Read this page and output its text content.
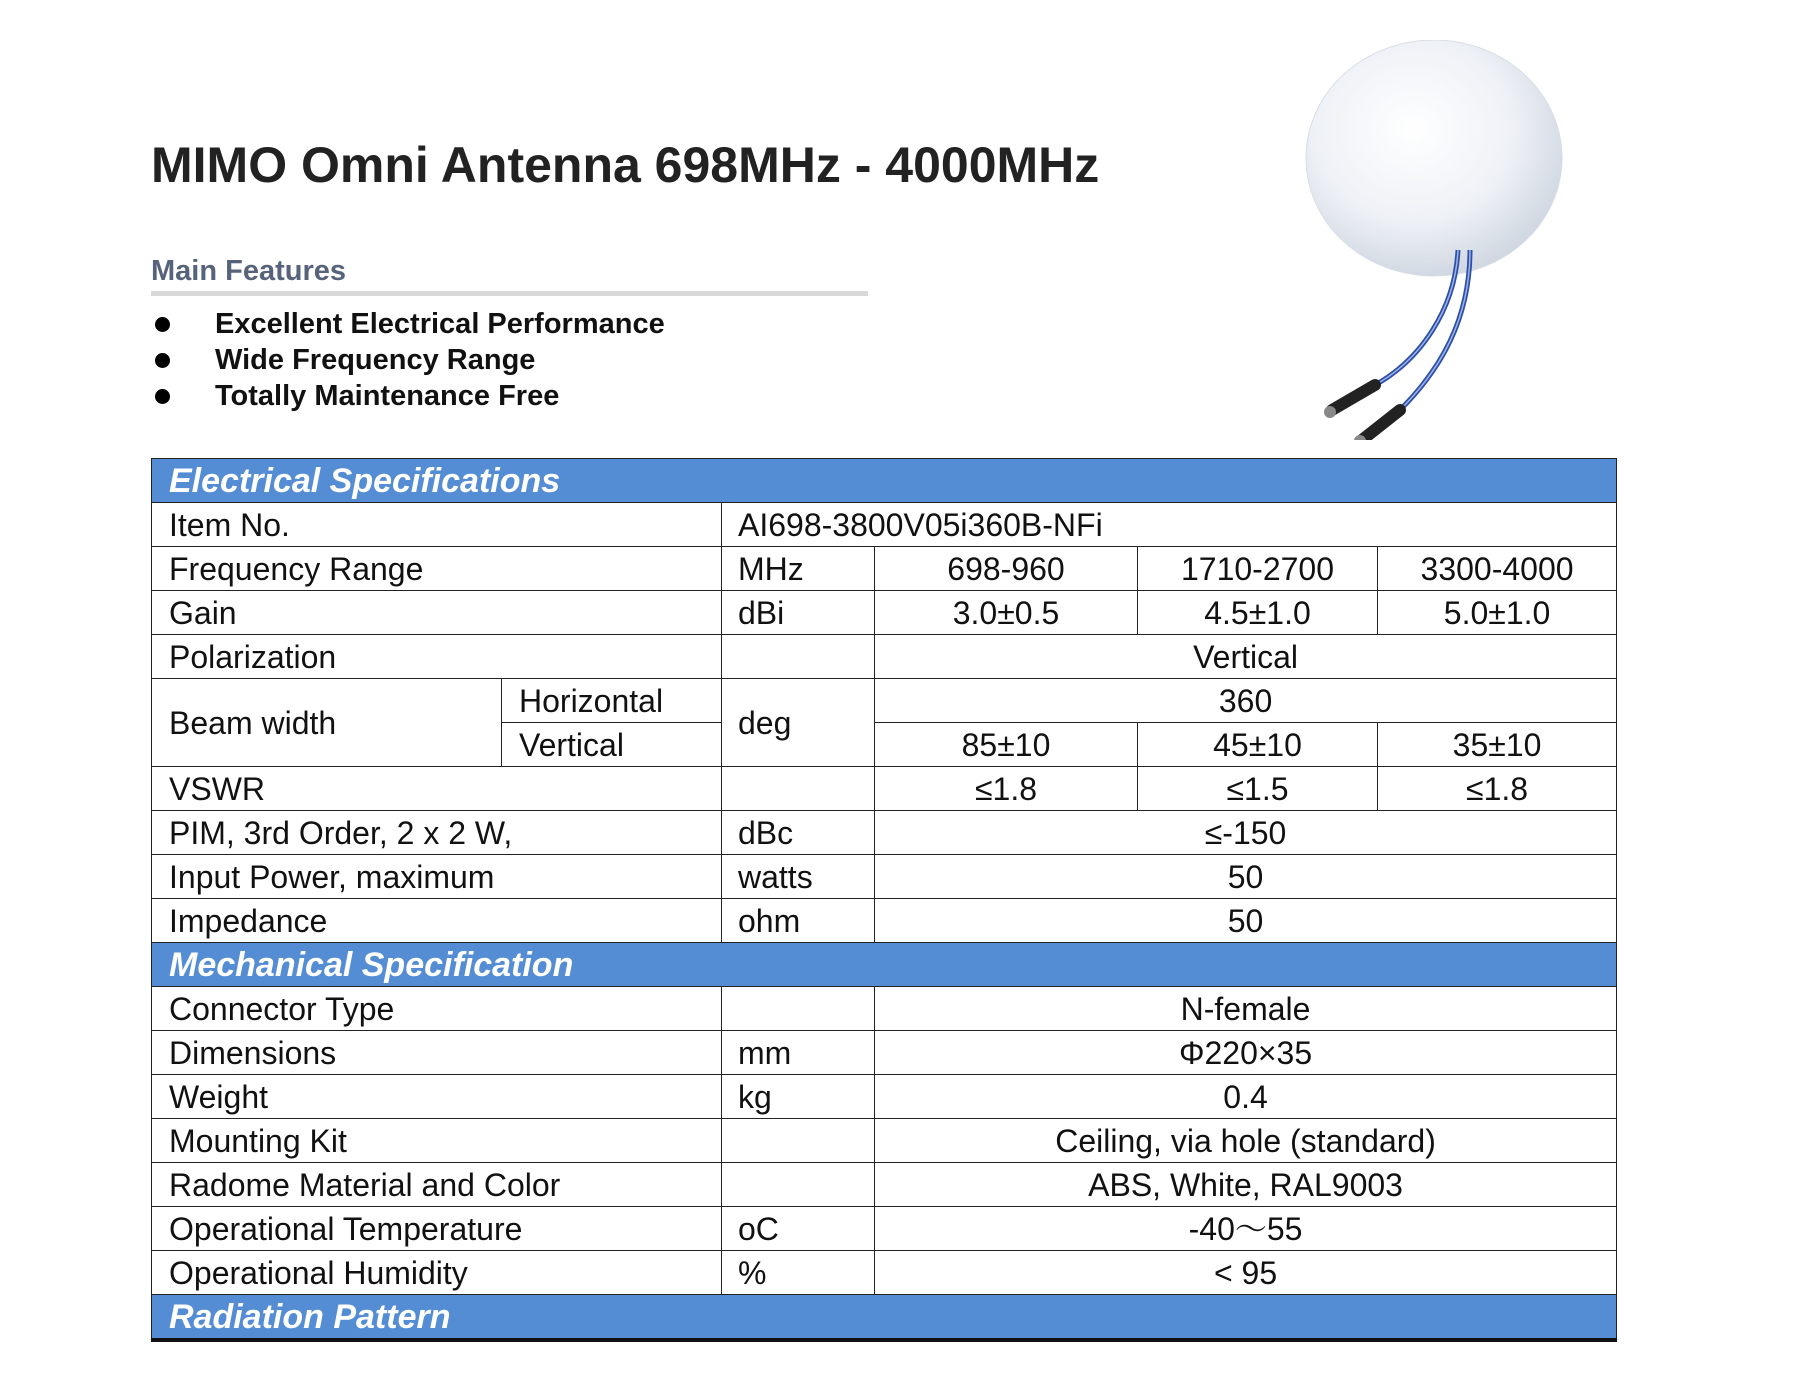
MIMO Omni Antenna 698MHz - 4000MHz
Main Features
Excellent Electrical Performance
Wide Frequency Range
Totally Maintenance Free
Electrical Specifications					
Item No.		AI698-3800V05i360B-NFi			
Frequency Range		MHz	698-960	1710-2700	3300-4000
Gain		dBi	3.0±0.5	4.5±1.0	5.0±1.0
Polarization			Vertical		
Beam width	Horizontal	deg	360		
	Vertical		85±10	45±10	35±10
VSWR			≤1.8	≤1.5	≤1.8
PIM, 3rd Order, 2 x 2 W,		dBc	≤-150		
Input Power, maximum		watts	50		
Impedance		ohm	50		
Mechanical Specification					
Connector Type			N-female		
Dimensions		mm	Φ220×35		
Weight		kg	0.4		
Mounting Kit			Ceiling, via hole (standard)		
Radome Material and Color			ABS, White, RAL9003		
Operational Temperature		oC	-40～55		
Operational Humidity		%	< 95		
Radiation Pattern					
